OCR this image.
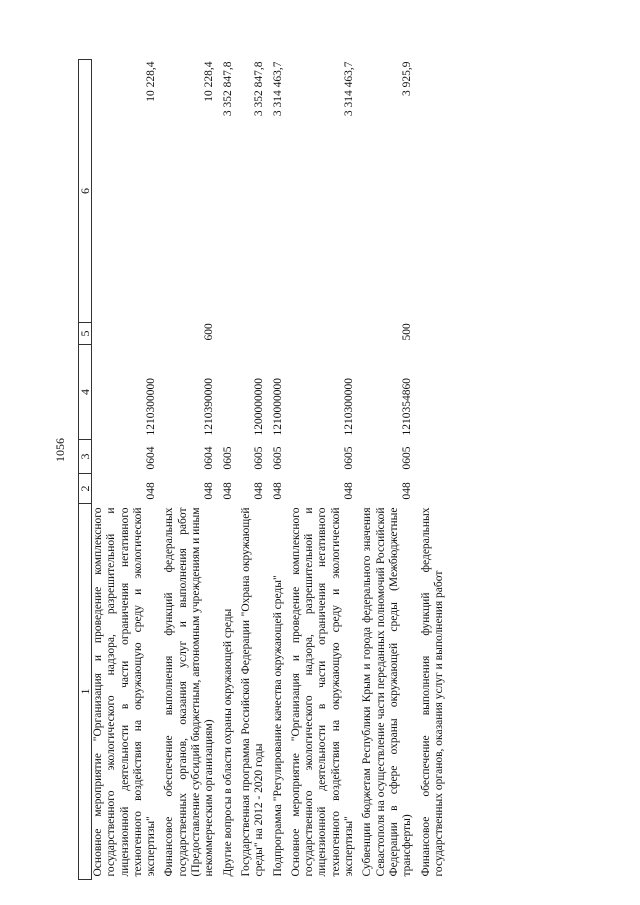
1056
1	2	3	4	5	6
Основное мероприятие "Организация и проведение комплексного государственного экологического надзора, разрешительной и лицензионной деятельности в части ограничения негативного техногенного воздействия на окружающую среду и экологической экспертизы"	048	0604	1210300000		10 228,4
Финансовое обеспечение выполнения функций федеральных государственных органов, оказания услуг и выполнения работ (Предоставление субсидий бюджетным, автономным учреждениям и иным некоммерческим организациям)	048	0604	1210390000	600	10 228,4
Другие вопросы в области охраны окружающей среды	048	0605			3 352 847,8
Государственная программа Российской Федерации "Охрана окружающей среды" на 2012 - 2020 годы	048	0605	1200000000		3 352 847,8
Подпрограмма "Регулирование качества окружающей среды"	048	0605	1210000000		3 314 463,7
Основное мероприятие "Организация и проведение комплексного государственного экологического надзора, разрешительной и лицензионной деятельности в части ограничения негативного техногенного воздействия на окружающую среду и экологической экспертизы"	048	0605	1210300000		3 314 463,7
Субвенции бюджетам Республики Крым и города федерального значения Севастополя на осуществление части переданных полномочий Российской Федерации в сфере охраны окружающей среды (Межбюджетные трансферты)	048	0605	1210354860	500	3 925,9
Финансовое обеспечение выполнения функций федеральных государственных органов, оказания услуг и выполнения работ					
